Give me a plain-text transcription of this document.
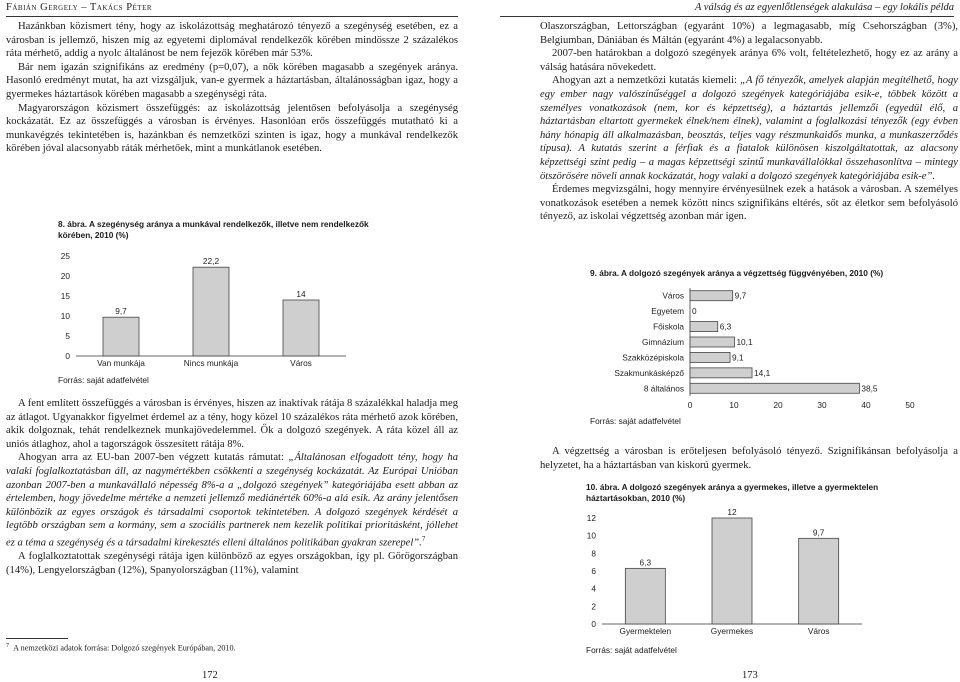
Fábián Gergely – Takács Péter	A válság és az egyenlőtlenségek alakulása – egy lokális példa

Hazánkban közismert tény, hogy az iskolázottság meghatározó tényező a szegénység esetében, ez a városban is jellemző, hiszen míg az egyetemi diplomával rendelkezők körében mindössze 2 százalékos ráta mérhető, addig a nyolc általánost be nem fejezők körében már 53%.

Bár nem igazán szignifikáns az eredmény (p=0,07), a nők körében magasabb a szegények aránya. Hasonló eredményt mutat, ha azt vizsgáljuk, van-e gyermek a háztartásban, általánosságban igaz, hogy a gyermekes háztartások körében magasabb a szegénységi ráta.

Magyarországon közismert összefüggés: az iskolázottság jelentősen befolyásolja a szegénység kockázatát. Ez az összefüggés a városban is érvényes. Hasonlóan erős összefüggés mutatható ki a munkavégzés tekintetében is, hazánkban és nemzetközi szinten is igaz, hogy a munkával rendelkezők körében jóval alacsonyabb ráták mérhetőek, mint a munkátlanok esetében.

8. ábra. A szegénység aránya a munkával rendelkezők, illetve nem rendelkezők körében, 2010 (%)
0
5
10
15
20
25
9,7
Van munkája
22,2
Nincs munkája
14
Város
Forrás: saját adatfelvétel

A fent említett összefüggés a városban is érvényes, hiszen az inaktívak rátája 8 százalékkal haladja meg az átlagot. Ugyanakkor figyelmet érdemel az a tény, hogy közel 10 százalékos ráta mérhető azok körében, akik dolgoznak, tehát rendelkeznek munkajövedelemmel. Ők a dolgozó szegények. A ráta közel áll az uniós átlaghoz, ahol a tagországok összesített rátája 8%.

Ahogyan arra az EU-ban 2007-ben végzett kutatás rámutat: „Általánosan elfogadott tény, hogy ha valaki foglalkoztatásban áll, az nagymértékben csökkenti a szegénység kockázatát. Az Európai Unióban azonban 2007-ben a munkavállaló népesség 8%-a a „dolgozó szegények” kategóriájába esett abban az értelemben, hogy jövedelme mértéke a nemzeti jellemző mediánérték 60%-a alá esik. Az arány jelentősen különbözik az egyes országok és társadalmi csoportok tekintetében. A dolgozó szegények kérdését a legtöbb országban sem a kormány, sem a szociális partnerek nem kezelik politikai prioritásként, jóllehet ez a téma a szegénység és a társadalmi kirekesztés elleni általános politikában gyakran szerepel”.$^7$

A foglalkoztatottak szegénységi rátája igen különböző az egyes országokban, így pl. Görögországban (14%), Lengyelországban (12%), Spanyolországban (11%), valamint

$^7$ A nemzetközi adatok forrása: Dolgozó szegények Európában, 2010.

Olaszországban, Lettországban (egyaránt 10%) a legmagasabb, míg Csehországban (3%), Belgiumban, Dániában és Máltán (egyaránt 4%) a legalacsonyabb.

2007-ben határokban a dolgozó szegények aránya 6% volt, feltételezhető, hogy ez az arány a válság hatására növekedett.

Ahogyan azt a nemzetközi kutatás kiemeli: „A fő tényezők, amelyek alapján megítélhető, hogy egy ember nagy valószínűséggel a dolgozó szegények kategóriájába esik-e, többek között a személyes vonatkozások (nem, kor és képzettség), a háztartás jellemzői (egyedül élő, a háztartásban eltartott gyermekek élnek/nem élnek), valamint a foglalkozási tényezők (egy évben hány hónapig áll alkalmazásban, beosztás, teljes vagy részmunkaidős munka, a munkaszerződés típusa). A kutatás szerint a férfiak és a fiatalok különösen kiszolgáltatottak, az alacsony képzettségi szint pedig – a magas képzettségi szintű munkavállalókkal összehasonlítva – mintegy ötszörösére növeli annak kockázatát, hogy valaki a dolgozó szegények kategóriájába esik-e”.

Érdemes megvizsgálni, hogy mennyire érvényesülnek ezek a hatások a városban. A személyes vonatkozások esetében a nemek között nincs szignifikáns eltérés, sőt az életkor sem befolyásoló tényező, az iskolai végzettség azonban már igen.

9. ábra. A dolgozó szegények aránya a végzettség függvényében, 2010 (%)
0	10	20	30	40	50
9,7
Város
0
Egyetem
6,3
Főiskola
10,1
Gimnázium
9,1
Szakközépiskola
14,1
Szakmunkásképző
38,5
8 általános
Forrás: saját adatfelvétel

A végzettség a városban is erőteljesen befolyásoló tényező. Szignifikánsan befolyásolja a helyzetet, ha a háztartásban van kiskorú gyermek.

10. ábra. A dolgozó szegények aránya a gyermekes, illetve a gyermektelen háztartásokban, 2010 (%)
0
2
4
6
8
10
12
6,3
Gyermektelen
12
Gyermekes
9,7
Város
Forrás: saját adatfelvétel
172	173
